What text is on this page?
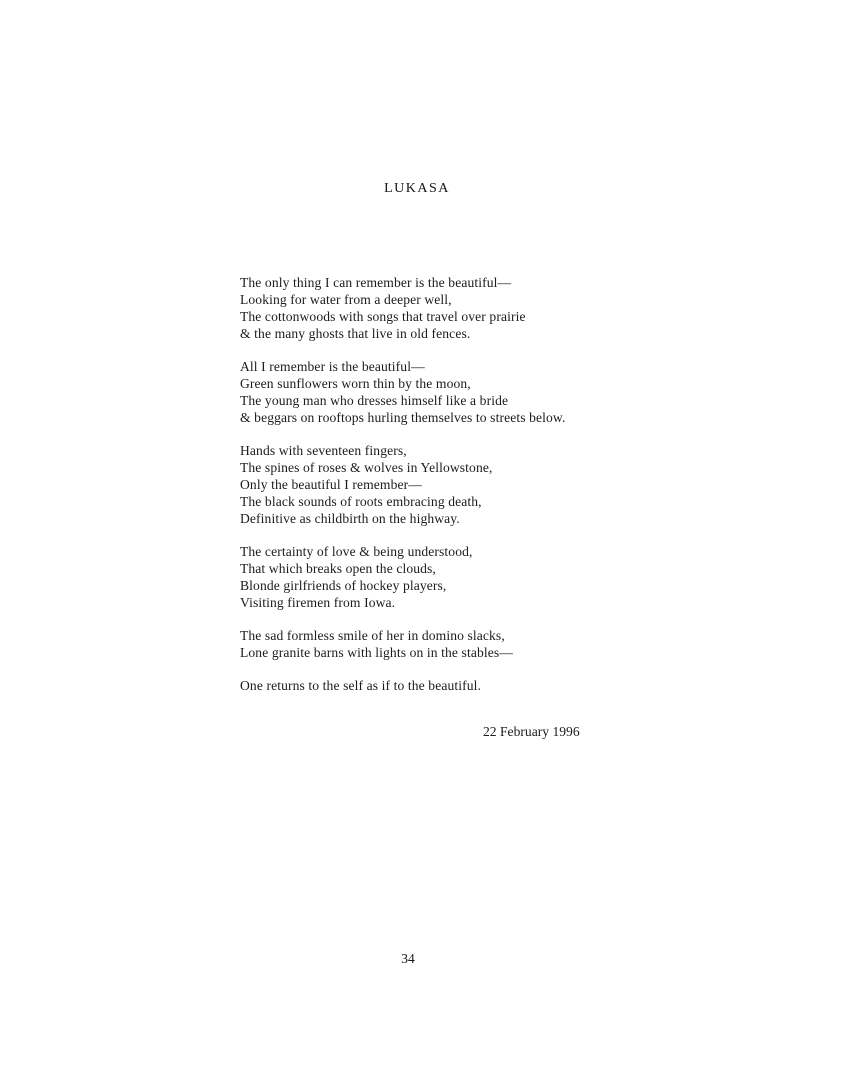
LUKASA

The only thing I can remember is the beautiful—
Looking for water from a deeper well,
The cottonwoods with songs that travel over prairie
& the many ghosts that live in old fences.

All I remember is the beautiful—
Green sunflowers worn thin by the moon,
The young man who dresses himself like a bride
& beggars on rooftops hurling themselves to streets below.

Hands with seventeen fingers,
The spines of roses & wolves in Yellowstone,
Only the beautiful I remember—
The black sounds of roots embracing death,
Definitive as childbirth on the highway.

The certainty of love & being understood,
That which breaks open the clouds,
Blonde girlfriends of hockey players,
Visiting firemen from Iowa.

The sad formless smile of her in domino slacks,
Lone granite barns with lights on in the stables—

One returns to the self as if to the beautiful.

22 February 1996
34
